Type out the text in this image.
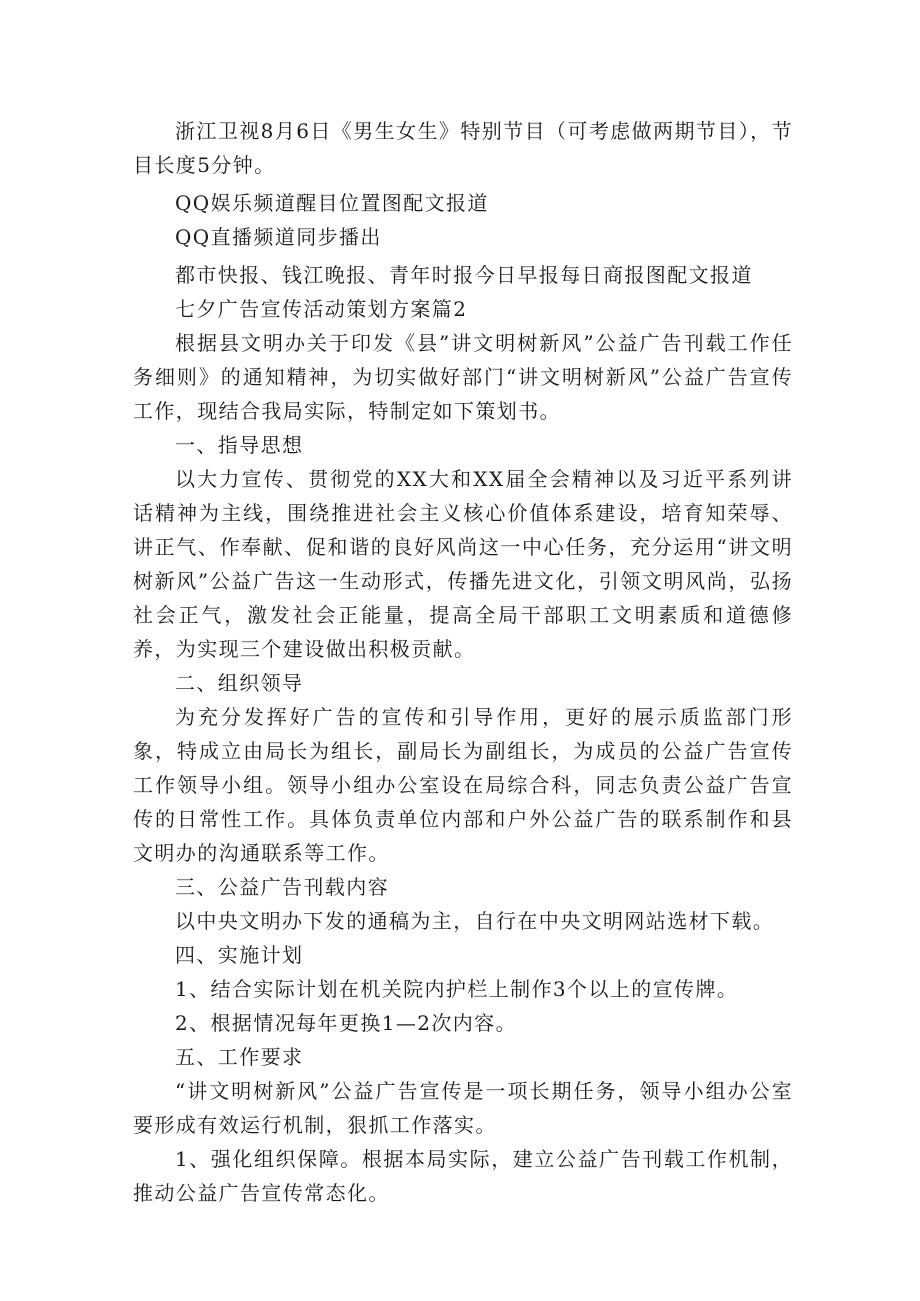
浙江卫视8月6日《男生女生》特别节目（可考虑做两期节目），节目长度5分钟。

QQ娱乐频道醒目位置图配文报道

QQ直播频道同步播出

都市快报、钱江晚报、青年时报今日早报每日商报图配文报道

七夕广告宣传活动策划方案篇2

根据县文明办关于印发《县”讲文明树新风”公益广告刊载工作任务细则》的通知精神，为切实做好部门“讲文明树新风”公益广告宣传工作，现结合我局实际，特制定如下策划书。

一、指导思想

以大力宣传、贯彻党的XX大和XX届全会精神以及习近平系列讲话精神为主线，围绕推进社会主义核心价值体系建设，培育知荣辱、讲正气、作奉献、促和谐的良好风尚这一中心任务，充分运用“讲文明树新风”公益广告这一生动形式，传播先进文化，引领文明风尚，弘扬社会正气，激发社会正能量，提高全局干部职工文明素质和道德修养，为实现三个建设做出积极贡献。

二、组织领导

为充分发挥好广告的宣传和引导作用，更好的展示质监部门形象，特成立由局长为组长，副局长为副组长，为成员的公益广告宣传工作领导小组。领导小组办公室设在局综合科，同志负责公益广告宣传的日常性工作。具体负责单位内部和户外公益广告的联系制作和县文明办的沟通联系等工作。

三、公益广告刊载内容

以中央文明办下发的通稿为主，自行在中央文明网站选材下载。

四、实施计划

1、结合实际计划在机关院内护栏上制作3个以上的宣传牌。

2、根据情况每年更换1—2次内容。

五、工作要求

“讲文明树新风”公益广告宣传是一项长期任务，领导小组办公室要形成有效运行机制，狠抓工作落实。

1、强化组织保障。根据本局实际，建立公益广告刊载工作机制，推动公益广告宣传常态化。
